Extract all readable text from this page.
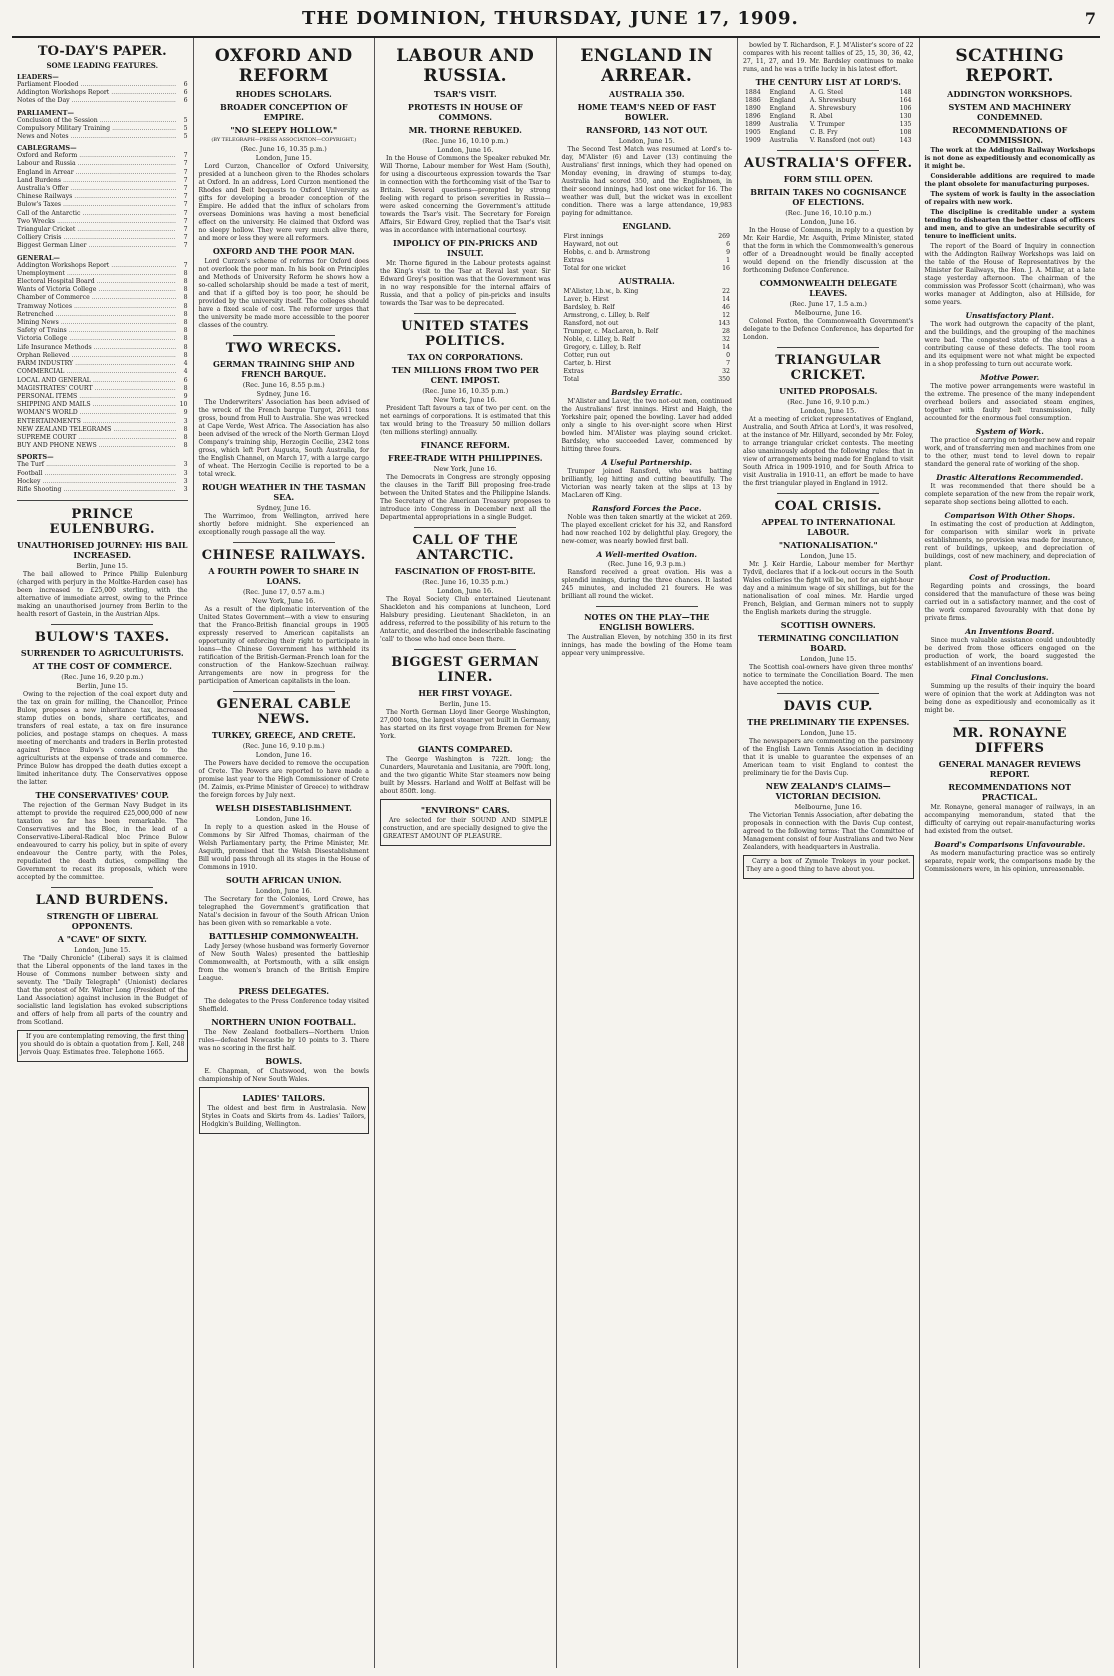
THE DOMINION, THURSDAY, JUNE 17, 1909.	7
TO-DAY'S PAPER.
SOME LEADING FEATURES.
LEADERS—
Parliament Flooded .....	6
Addington Workshops Report .....	6
Notes of the Day .....	6
PARLIAMENT—
Conclusion of the Session .....	5
Compulsory Military Training .....	5
News and Notes .....	5
CABLEGRAMS—
Oxford and Reform .....	7
Labour and Russia .....	7
England in Arrear .....	7
Land Burdens .....	7
Australia's Offer .....	7
Chinese Railways .....	7
Bulow's Taxes .....	7
Call of the Antarctic .....	7
Two Wrecks .....	7
Triangular Cricket .....	7
Colliery Crisis .....	7
Biggest German Liner .....	7
GENERAL—
Addington Workshops Report .....	7
Unemployment .....	8
Electoral Hospital Board .....	8
Wants of Victoria College .....	8
Chamber of Commerce .....	8
Tramway Notices .....	8
Retrenched .....	8
Mining News .....	8
Safety of Trains .....	8
Victoria College .....	8
Life Insurance Methods .....	8
Orphan Relieved .....	8
FARM INDUSTRY .....	4
COMMERCIAL .....	4
LOCAL AND GENERAL .....	6
MAGISTRATES' COURT .....	8
PERSONAL ITEMS .....	9
SHIPPING AND MAILS .....	10
WOMAN'S WORLD .....	9
ENTERTAINMENTS .....	3
NEW ZEALAND TELEGRAMS .....	8
SUPREME COURT .....	8
BUY AND PHONE NEWS .....	8
SPORTS—
The Turf .....	3
Football .....	3
Hockey .....	3
Rifle Shooting .....	3
PRINCE EULENBURG.
UNAUTHORISED JOURNEY: HIS BAIL INCREASED.
Berlin, June 15.

The bail allowed to Prince Philip Eulenburg (charged with perjury in the Moltke-Harden case) has been increased to £25,000 sterling, with the alternative of immediate arrest, owing to the Prince making an unauthorised journey from Berlin to the health resort of Gastein, in the Austrian Alps.

BULOW'S TAXES.
SURRENDER TO AGRICULTURISTS.
AT THE COST OF COMMERCE.
(Rec. June 16, 9.20 p.m.)
Berlin, June 15.

Owing to the rejection of the coal export duty and the tax on grain for milling, the Chancellor, Prince Bulow, proposes a new inheritance tax, increased stamp duties on bonds, share certificates, and transfers of real estate, a tax on fire insurance policies, and postage stamps on cheques. A mass meeting of merchants and traders in Berlin protested against Prince Bulow's concessions to the agriculturists at the expense of trade and commerce. Prince Bulow has dropped the death duties except a limited inheritance duty. The Conservatives oppose the latter.

THE CONSERVATIVES' COUP.

The rejection of the German Navy Budget in its attempt to provide the required £25,000,000 of new taxation so far has been remarkable. The Conservatives and the Bloc, in the lead of a Conservative-Liberal-Radical bloc Prince Bulow endeavoured to carry his policy, but in spite of every endeavour the Centre party, with the Poles, repudiated the death duties, compelling the Government to recast its proposals, which were accepted by the committee.

LAND BURDENS.
STRENGTH OF LIBERAL OPPONENTS.
A "CAVE" OF SIXTY.
London, June 15.

The "Daily Chronicle" (Liberal) says it is claimed that the Liberal opponents of the land taxes in the House of Commons number between sixty and seventy. The "Daily Telegraph" (Unionist) declares that the protest of Mr. Walter Long (President of the Land Association) against inclusion in the Budget of socialistic land legislation has evoked subscriptions and offers of help from all parts of the country and from Scotland.

If you are contemplating removing, the first thing you should do is obtain a quotation from J. Kell, 248 Jervois Quay. Estimates free. Telephone 1665.

OXFORD AND REFORM
RHODES SCHOLARS.
BROADER CONCEPTION OF EMPIRE.
"NO SLEEPY HOLLOW."
(BY TELEGRAPH—PRESS ASSOCIATION—COPYRIGHT.)
(Rec. June 16, 10.35 p.m.)
London, June 15.

Lord Curzon, Chancellor of Oxford University, presided at a luncheon given to the Rhodes scholars at Oxford. In an address, Lord Curzon mentioned the Rhodes and Beit bequests to Oxford University as gifts for developing a broader conception of the Empire. He added that the influx of scholars from overseas Dominions was having a most beneficial effect on the university. He claimed that Oxford was no sleepy hollow. They were very much alive there, and more or less they were all reformers.

OXFORD AND THE POOR MAN.

Lord Curzon's scheme of reforms for Oxford does not overlook the poor man. In his book on Principles and Methods of University Reform he shows how a so-called scholarship should be made a test of merit, and that if a gifted boy is too poor, he should be provided by the university itself. The colleges should have a fixed scale of cost. The reformer urges that the university be made more accessible to the poorer classes of the country.

TWO WRECKS.
GERMAN TRAINING SHIP AND FRENCH BARQUE.
(Rec. June 16, 8.55 p.m.)
Sydney, June 16.

The Underwriters' Association has been advised of the wreck of the French barque Turgot, 2611 tons gross, bound from Hull to Australia. She was wrecked at Cape Verde, West Africa. The Association has also been advised of the wreck of the North German Lloyd Company's training ship, Herzogin Cecilie, 2342 tons gross, which left Port Augusta, South Australia, for the English Channel, on March 17, with a large cargo of wheat. The Herzogin Cecilie is reported to be a total wreck.

ROUGH WEATHER IN THE TASMAN SEA.
Sydney, June 16.

The Warrimoo, from Wellington, arrived here shortly before midnight. She experienced an exceptionally rough passage all the way.

CHINESE RAILWAYS.
A FOURTH POWER TO SHARE IN LOANS.
(Rec. June 17, 0.57 a.m.)
New York, June 16.

As a result of the diplomatic intervention of the United States Government—with a view to ensuring that the Franco-British financial groups in 1905 expressly reserved to American capitalists an opportunity of enforcing their right to participate in loans—the Chinese Government has withheld its ratification of the British-German-French loan for the construction of the Hankow-Szechuan railway. Arrangements are now in progress for the participation of American capitalists in the loan.

GENERAL CABLE NEWS.
TURKEY, GREECE, AND CRETE.
(Rec. June 16, 9.10 p.m.)
London, June 16.

The Powers have decided to remove the occupation of Crete. The Powers are reported to have made a promise last year to the High Commissioner of Crete (M. Zaimis, ex-Prime Minister of Greece) to withdraw the foreign forces by July next.

WELSH DISESTABLISHMENT.
London, June 16.

In reply to a question asked in the House of Commons by Sir Alfred Thomas, chairman of the Welsh Parliamentary party, the Prime Minister, Mr. Asquith, promised that the Welsh Disestablishment Bill would pass through all its stages in the House of Commons in 1910.

SOUTH AFRICAN UNION.
London, June 16.

The Secretary for the Colonies, Lord Crewe, has telegraphed the Government's gratification that Natal's decision in favour of the South African Union has been given with so remarkable a vote.

BATTLESHIP COMMONWEALTH.

Lady Jersey (whose husband was formerly Governor of New South Wales) presented the battleship Commonwealth, at Portsmouth, with a silk ensign from the women's branch of the British Empire League.

PRESS DELEGATES.

The delegates to the Press Conference today visited Sheffield.

NORTHERN UNION FOOTBALL.

The New Zealand footballers—Northern Union rules—defeated Newcastle by 10 points to 3. There was no scoring in the first half.

BOWLS.

E. Chapman, of Chatswood, won the bowls championship of New South Wales.

LADIES' TAILORS.

The oldest and best firm in Australasia. New Styles in Coats and Skirts from 4s. Ladies' Tailors, Hodgkin's Building, Wellington.

LABOUR AND RUSSIA.
TSAR'S VISIT.
PROTESTS IN HOUSE OF COMMONS.
MR. THORNE REBUKED.
(Rec. June 16, 10.10 p.m.)
London, June 16.

In the House of Commons the Speaker rebuked Mr. Will Thorne, Labour member for West Ham (South), for using a discourteous expression towards the Tsar in connection with the forthcoming visit of the Tsar to Britain. Several questions—prompted by strong feeling with regard to prison severities in Russia—were asked concerning the Government's attitude towards the Tsar's visit. The Secretary for Foreign Affairs, Sir Edward Grey, replied that the Tsar's visit was in accordance with international courtesy.

IMPOLICY OF PIN-PRICKS AND INSULT.

Mr. Thorne figured in the Labour protests against the King's visit to the Tsar at Reval last year. Sir Edward Grey's position was that the Government was in no way responsible for the internal affairs of Russia, and that a policy of pin-pricks and insults towards the Tsar was to be deprecated.

UNITED STATES POLITICS.
TAX ON CORPORATIONS.
TEN MILLIONS FROM TWO PER CENT. IMPOST.
(Rec. June 16, 10.35 p.m.)
New York, June 16.

President Taft favours a tax of two per cent. on the net earnings of corporations. It is estimated that this tax would bring to the Treasury 50 million dollars (ten millions sterling) annually.

FINANCE REFORM.
FREE-TRADE WITH PHILIPPINES.
New York, June 16.

The Democrats in Congress are strongly opposing the clauses in the Tariff Bill proposing free-trade between the United States and the Philippine Islands. The Secretary of the American Treasury proposes to introduce into Congress in December next all the Departmental appropriations in a single Budget.

CALL OF THE ANTARCTIC.
FASCINATION OF FROST-BITE.
(Rec. June 16, 10.35 p.m.)
London, June 16.

The Royal Society Club entertained Lieutenant Shackleton and his companions at luncheon, Lord Halsbury presiding. Lieutenant Shackleton, in an address, referred to the possibility of his return to the Antarctic, and described the indescribable fascinating 'call' to those who had once been there.

BIGGEST GERMAN LINER.
HER FIRST VOYAGE.
Berlin, June 15.

The North German Lloyd liner George Washington, 27,000 tons, the largest steamer yet built in Germany, has started on its first voyage from Bremen for New York.

GIANTS COMPARED.

The George Washington is 722ft. long; the Cunarders, Mauretania and Lusitania, are 790ft. long, and the two gigantic White Star steamers now being built by Messrs. Harland and Wolff at Belfast will be about 850ft. long.

"ENVIRONS" CARS.

Are selected for their SOUND AND SIMPLE construction, and are specially designed to give the GREATEST AMOUNT OF PLEASURE.

ENGLAND IN ARREAR.
AUSTRALIA 350.
HOME TEAM'S NEED OF FAST BOWLER.
RANSFORD, 143 NOT OUT.
London, June 15.

The Second Test Match was resumed at Lord's to-day, M'Alister (6) and Laver (13) continuing the Australians' first innings, which they had opened on Monday evening, in drawing of stumps to-day, Australia had scored 350, and the Englishmen, in their second innings, had lost one wicket for 16. The weather was dull, but the wicket was in excellent condition. There was a large attendance, 19,983 paying for admittance.

ENGLAND.
First innings	269
Hayward, not out	6
Hobbs, c. and b. Armstrong	9
Extras	1
Total for one wicket	16
AUSTRALIA.
M'Alister, l.b.w., b. King	22
Laver, b. Hirst	14
Bardsley, b. Relf	46
Armstrong, c. Lilley, b. Relf	12
Ransford, not out	143
Trumper, c. MacLaren, b. Relf	28
Noble, c. Lilley, b. Relf	32
Gregory, c. Lilley, b. Relf	14
Cotter, run out	0
Carter, b. Hirst	7
Extras	32
Total	350
Bardsley Erratic.

M'Alister and Laver, the two not-out men, continued the Australians' first innings. Hirst and Haigh, the Yorkshire pair, opened the bowling. Laver had added only a single to his over-night score when Hirst bowled him. M'Alister was playing sound cricket. Bardsley, who succeeded Laver, commenced by hitting three fours.

A Useful Partnership.

Trumper joined Ransford, who was batting brilliantly, leg hitting and cutting beautifully. The Victorian was nearly taken at the slips at 13 by MacLaren off King.

Ransford Forces the Pace.

Noble was then taken smartly at the wicket at 269. The played excellent cricket for his 32, and Ransford had now reached 102 by delightful play. Gregory, the new-comer, was nearly bowled first ball.

A Well-merited Ovation.
(Rec. June 16, 9.3 p.m.)

Ransford received a great ovation. His was a splendid innings, during the three chances. It lasted 245 minutes, and included 21 fourers. He was brilliant all round the wicket.

NOTES ON THE PLAY—THE ENGLISH BOWLERS.

The Australian Eleven, by notching 350 in its first innings, has made the bowling of the Home team appear very unimpressive.

bowled by T. Richardson, F. J. M'Alister's score of 22 compares with his recent tallies of 25, 15, 30, 36, 42, 27, 11, 27, and 19. Mr. Bardsley continues to make runs, and he was a trifle lucky in his latest effort.

THE CENTURY LIST AT LORD'S.
1884	England	A. G. Steel	148
1886	England	A. Shrewsbury	164
1890	England	A. Shrewsbury	106
1896	England	R. Abel	130
1899	Australia	V. Trumper	135
1905	England	C. B. Fry	108
1909	Australia	V. Ransford (not out)	143
AUSTRALIA'S OFFER.
FORM STILL OPEN.
BRITAIN TAKES NO COGNISANCE OF ELECTIONS.
(Rec. June 16, 10.10 p.m.)
London, June 16.

In the House of Commons, in reply to a question by Mr. Keir Hardie, Mr. Asquith, Prime Minister, stated that the form in which the Commonwealth's generous offer of a Dreadnought would be finally accepted would depend on the friendly discussion at the forthcoming Defence Conference.

COMMONWEALTH DELEGATE LEAVES.
(Rec. June 17, 1.5 a.m.)
Melbourne, June 16.

Colonel Foxton, the Commonwealth Government's delegate to the Defence Conference, has departed for London.

TRIANGULAR CRICKET.
UNITED PROPOSALS.
(Rec. June 16, 9.10 p.m.)
London, June 15.

At a meeting of cricket representatives of England, Australia, and South Africa at Lord's, it was resolved, at the instance of Mr. Hillyard, seconded by Mr. Foley, to arrange triangular cricket contests. The meeting also unanimously adopted the following rules: that in view of arrangements being made for England to visit South Africa in 1909-1910, and for South Africa to visit Australia in 1910-11, an effort be made to have the first triangular played in England in 1912.

COAL CRISIS.
APPEAL TO INTERNATIONAL LABOUR.
"NATIONALISATION."
London, June 15.

Mr. J. Keir Hardie, Labour member for Merthyr Tydvil, declares that if a lock-out occurs in the South Wales collieries the fight will be, not for an eight-hour day and a minimum wage of six shillings, but for the nationalisation of coal mines. Mr. Hardie urged French, Belgian, and German miners not to supply the English markets during the struggle.

SCOTTISH OWNERS.
TERMINATING CONCILIATION BOARD.
London, June 15.

The Scottish coal-owners have given three months' notice to terminate the Conciliation Board. The men have accepted the notice.

DAVIS CUP.
THE PRELIMINARY TIE EXPENSES.
London, June 15.

The newspapers are commenting on the parsimony of the English Lawn Tennis Association in deciding that it is unable to guarantee the expenses of an American team to visit England to contest the preliminary tie for the Davis Cup.

NEW ZEALAND'S CLAIMS—VICTORIAN DECISION.
Melbourne, June 16.

The Victorian Tennis Association, after debating the proposals in connection with the Davis Cup contest, agreed to the following terms: That the Committee of Management consist of four Australians and two New Zealanders, with headquarters in Australia.

Carry a box of Zymole Trokeys in your pocket. They are a good thing to have about you.

SCATHING REPORT.
ADDINGTON WORKSHOPS.
SYSTEM AND MACHINERY CONDEMNED.
RECOMMENDATIONS OF COMMISSION.

The work at the Addington Railway Workshops is not done as expeditiously and economically as it might be.

Considerable additions are required to made the plant obsolete for manufacturing purposes.

The system of work is faulty in the association of repairs with new work.

The discipline is creditable under a system tending to dishearten the better class of officers and men, and to give an undesirable security of tenure to inefficient units.

The report of the Board of Inquiry in connection with the Addington Railway Workshops was laid on the table of the House of Representatives by the Minister for Railways, the Hon. J. A. Millar, at a late stage yesterday afternoon. The chairman of the commission was Professor Scott (chairman), who was works manager at Addington, also at Hillside, for some years.

Unsatisfactory Plant.

The work had outgrown the capacity of the plant, and the buildings, and the grouping of the machines were bad. The congested state of the shop was a contributing cause of these defects. The tool room and its equipment were not what might be expected in a shop professing to turn out accurate work.

Motive Power.

The motive power arrangements were wasteful in the extreme. The presence of the many independent overhead boilers and associated steam engines, together with faulty belt transmission, fully accounted for the enormous fuel consumption.

System of Work.

The practice of carrying on together new and repair work, and of transferring men and machines from one to the other, must tend to level down to repair standard the general rate of working of the shop.

Drastic Alterations Recommended.

It was recommended that there should be a complete separation of the new from the repair work, separate shop sections being allotted to each.

Comparison With Other Shops.

In estimating the cost of production at Addington, for comparison with similar work in private establishments, no provision was made for insurance, rent of buildings, upkeep, and depreciation of buildings, cost of new machinery, and depreciation of plant.

Cost of Production.

Regarding points and crossings, the board considered that the manufacture of these was being carried out in a satisfactory manner, and the cost of the work compared favourably with that done by private firms.

An Inventions Board.

Since much valuable assistance could undoubtedly be derived from those officers engaged on the production of work, the board suggested the establishment of an inventions board.

Final Conclusions.

Summing up the results of their inquiry the board were of opinion that the work at Addington was not being done as expeditiously and economically as it might be.

MR. RONAYNE DIFFERS
GENERAL MANAGER REVIEWS REPORT.
RECOMMENDATIONS NOT PRACTICAL.

Mr. Ronayne, general manager of railways, in an accompanying memorandum, stated that the difficulty of carrying out repair-manufacturing works had existed from the outset.

Board's Comparisons Unfavourable.

As modern manufacturing practice was so entirely separate, repair work, the comparisons made by the Commissioners were, in his opinion, unreasonable.
